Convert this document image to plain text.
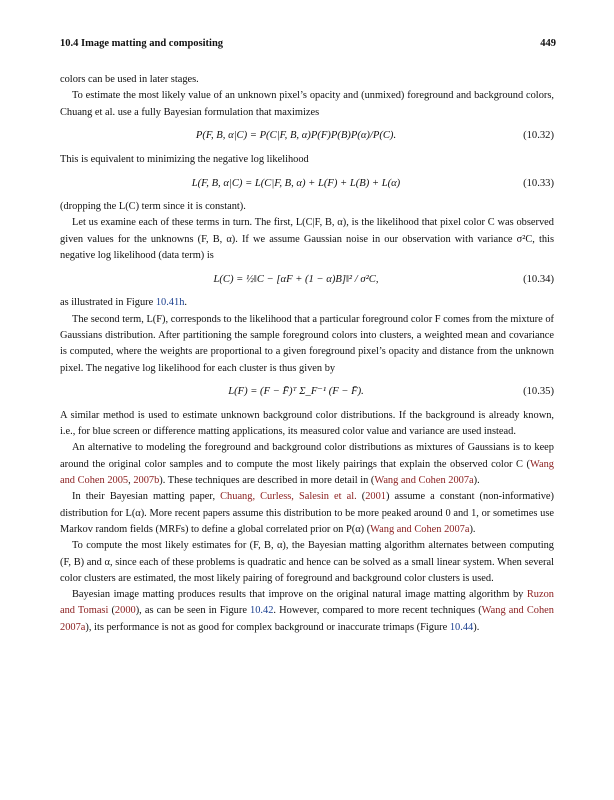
10.4 Image matting and compositing	449

colors can be used in later stages.

To estimate the most likely value of an unknown pixel’s opacity and (unmixed) foreground and background colors, Chuang et al. use a fully Bayesian formulation that maximizes

P(F, B, α|C) = P(C|F, B, α)P(F)P(B)P(α)/P(C).	(10.32)

This is equivalent to minimizing the negative log likelihood

L(F, B, α|C) = L(C|F, B, α) + L(F) + L(B) + L(α)	(10.33)

(dropping the L(C) term since it is constant).

Let us examine each of these terms in turn. The first, L(C|F, B, α), is the likelihood that pixel color C was observed given values for the unknowns (F, B, α). If we assume Gaussian noise in our observation with variance σ²C, this negative log likelihood (data term) is

L(C) = ½‖C − [αF + (1 − α)B]‖² / σ²C,	(10.34)

as illustrated in Figure 10.41h.

The second term, L(F), corresponds to the likelihood that a particular foreground color F comes from the mixture of Gaussians distribution. After partitioning the sample foreground colors into clusters, a weighted mean and covariance is computed, where the weights are proportional to a given foreground pixel’s opacity and distance from the unknown pixel. The negative log likelihood for each cluster is thus given by

L(F) = (F − F̄)ᵀ Σ_F⁻¹ (F − F̄).	(10.35)

A similar method is used to estimate unknown background color distributions. If the background is already known, i.e., for blue screen or difference matting applications, its measured color value and variance are used instead.

An alternative to modeling the foreground and background color distributions as mixtures of Gaussians is to keep around the original color samples and to compute the most likely pairings that explain the observed color C (Wang and Cohen 2005, 2007b). These techniques are described in more detail in (Wang and Cohen 2007a).

In their Bayesian matting paper, Chuang, Curless, Salesin et al. (2001) assume a constant (non-informative) distribution for L(α). More recent papers assume this distribution to be more peaked around 0 and 1, or sometimes use Markov random fields (MRFs) to define a global correlated prior on P(α) (Wang and Cohen 2007a).

To compute the most likely estimates for (F, B, α), the Bayesian matting algorithm alternates between computing (F, B) and α, since each of these problems is quadratic and hence can be solved as a small linear system. When several color clusters are estimated, the most likely pairing of foreground and background color clusters is used.

Bayesian image matting produces results that improve on the original natural image matting algorithm by Ruzon and Tomasi (2000), as can be seen in Figure 10.42. However, compared to more recent techniques (Wang and Cohen 2007a), its performance is not as good for complex background or inaccurate trimaps (Figure 10.44).
